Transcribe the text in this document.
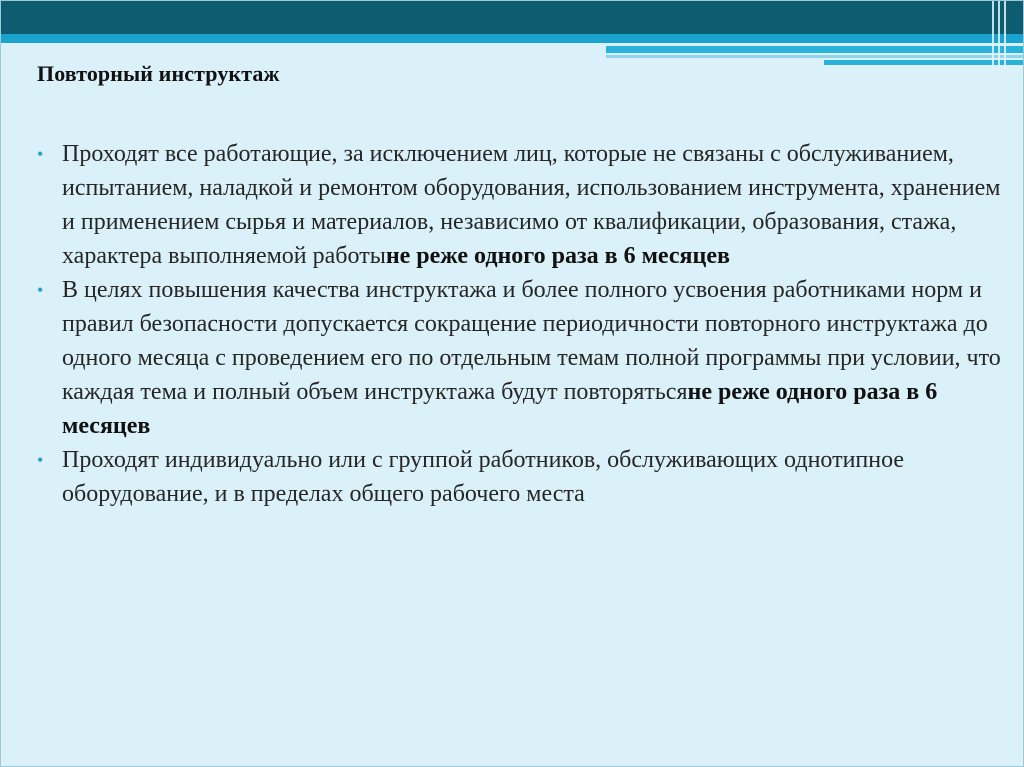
Повторный инструктаж
• Проходят все работающие, за исключением лиц, которые не связаны с обслуживанием, испытанием, наладкой и ремонтом оборудования, использованием инструмента, хранением и применением сырья и материалов, независимо от квалификации, образования, стажа, характера выполняемой работыне реже одного раза в 6 месяцев
• В целях повышения качества инструктажа и более полного усвоения работниками норм и правил безопасности допускается сокращение периодичности повторного инструктажа до одного месяца с проведением его по отдельным темам полной программы при условии, что каждая тема и полный объем инструктажа будут повторятьсяне реже одного раза в 6 месяцев
• Проходят индивидуально или с группой работников, обслуживающих однотипное оборудование, и в пределах общего рабочего места
